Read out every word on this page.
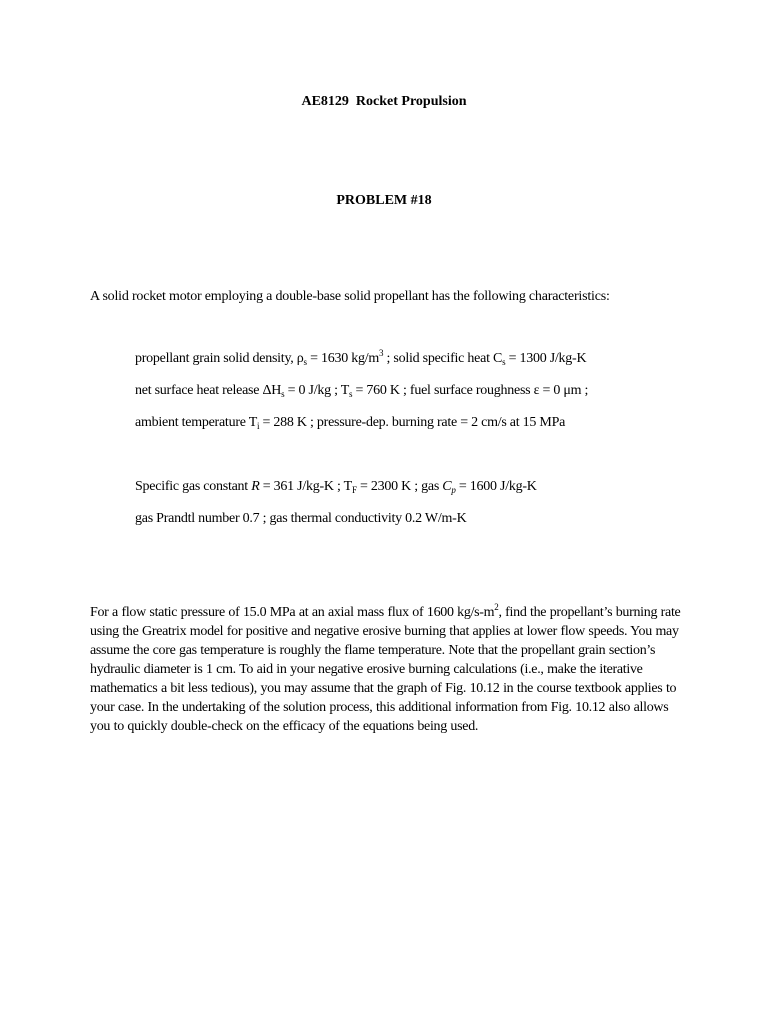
AE8129  Rocket Propulsion
PROBLEM #18
A solid rocket motor employing a double-base solid propellant has the following characteristics:
propellant grain solid density, $\rho_s = 1630$ $kg/m^3$ ; solid specific heat $C_s = 1300$ J/kg-K
net surface heat release $\Delta H_s = 0$ J/kg ; $T_s = 760$ K ; fuel surface roughness ε = 0 μm ;
ambient temperature $T_i = 288$ K ; pressure-dep. burning rate = 2 cm/s at 15 MPa
Specific gas constant R = 361 J/kg-K ; $T_F = 2300$ K ; gas $C_p = 1600$ J/kg-K
gas Prandtl number 0.7 ; gas thermal conductivity 0.2 W/m-K
For a flow static pressure of 15.0 MPa at an axial mass flux of 1600 $kg/s-m^2$, find the propellant’s burning rate using the Greatrix model for positive and negative erosive burning that applies at lower flow speeds. You may assume the core gas temperature is roughly the flame temperature. Note that the propellant grain section’s hydraulic diameter is 1 cm. To aid in your negative erosive burning calculations (i.e., make the iterative mathematics a bit less tedious), you may assume that the graph of Fig. 10.12 in the course textbook applies to your case. In the undertaking of the solution process, this additional information from Fig. 10.12 also allows you to quickly double-check on the efficacy of the equations being used.
